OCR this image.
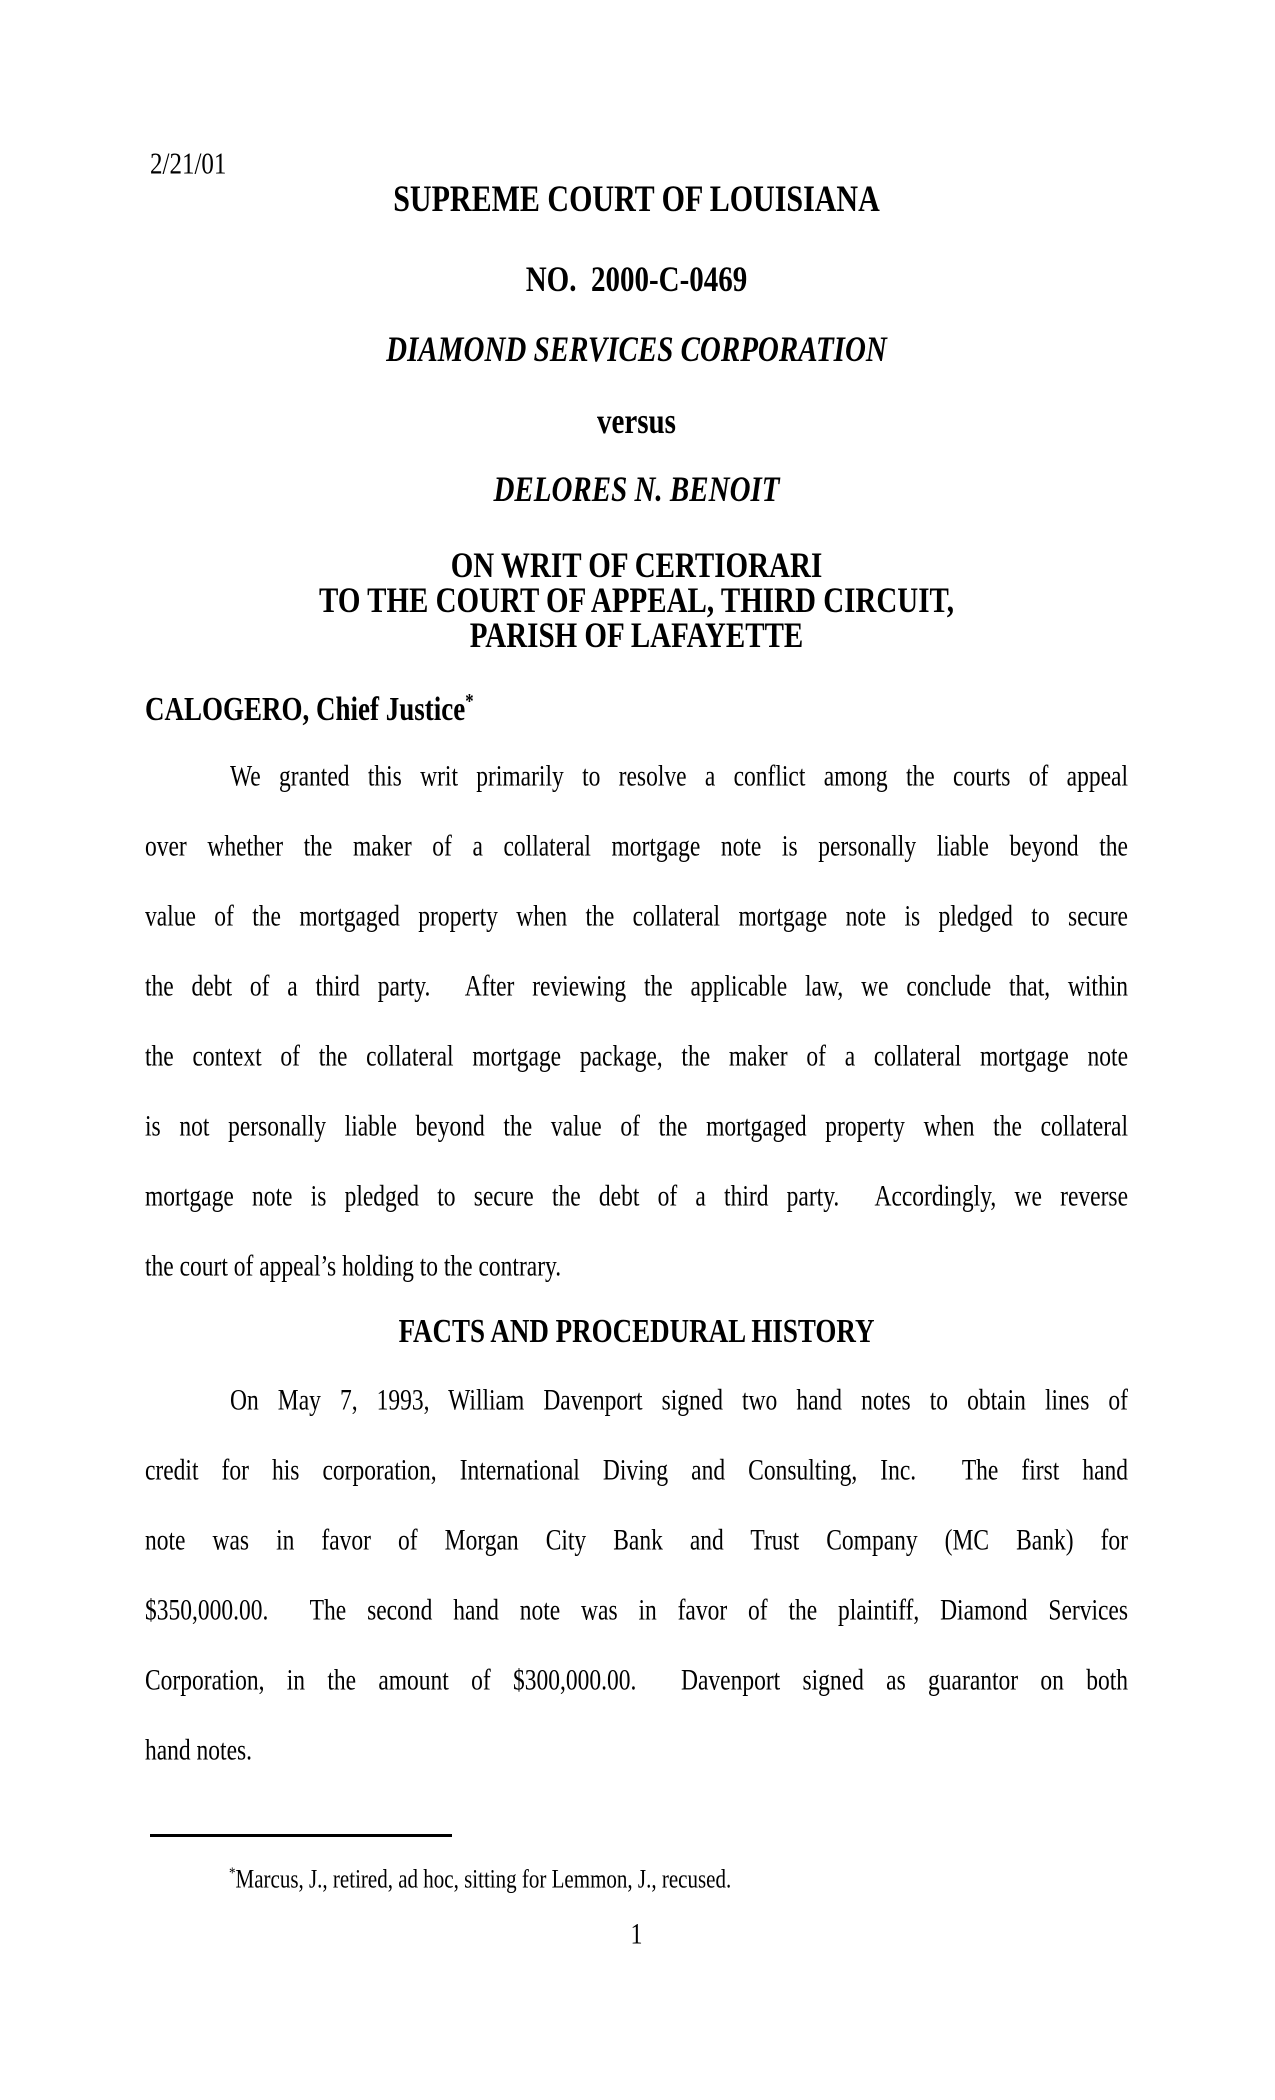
2/21/01
SUPREME COURT OF LOUISIANA
NO.  2000-C-0469
DIAMOND SERVICES CORPORATION
versus
DELORES N. BENOIT
ON WRIT OF CERTIORARI
TO THE COURT OF APPEAL, THIRD CIRCUIT,
PARISH OF LAFAYETTE
CALOGERO, Chief Justice*
We granted this writ primarily to resolve a conflict among the courts of appeal
over whether the maker of a collateral mortgage note is personally liable beyond the
value of the mortgaged property when the collateral mortgage note is pledged to secure
the debt of a third party.  After reviewing the applicable law, we conclude that, within
the context of the collateral mortgage package, the maker of a collateral mortgage note
is not personally liable beyond the value of the mortgaged property when the collateral
mortgage note is pledged to secure the debt of a third party.  Accordingly, we reverse
the court of appeal’s holding to the contrary.
FACTS AND PROCEDURAL HISTORY
On May 7, 1993, William Davenport signed two hand notes to obtain lines of
credit for his corporation, International Diving and Consulting, Inc.  The first hand
note was in favor of Morgan City Bank and Trust Company (MC Bank) for
$350,000.00.  The second hand note was in favor of the plaintiff, Diamond Services
Corporation, in the amount of $300,000.00.  Davenport signed as guarantor on both
hand notes.
*Marcus, J., retired, ad hoc, sitting for Lemmon, J., recused.
1
